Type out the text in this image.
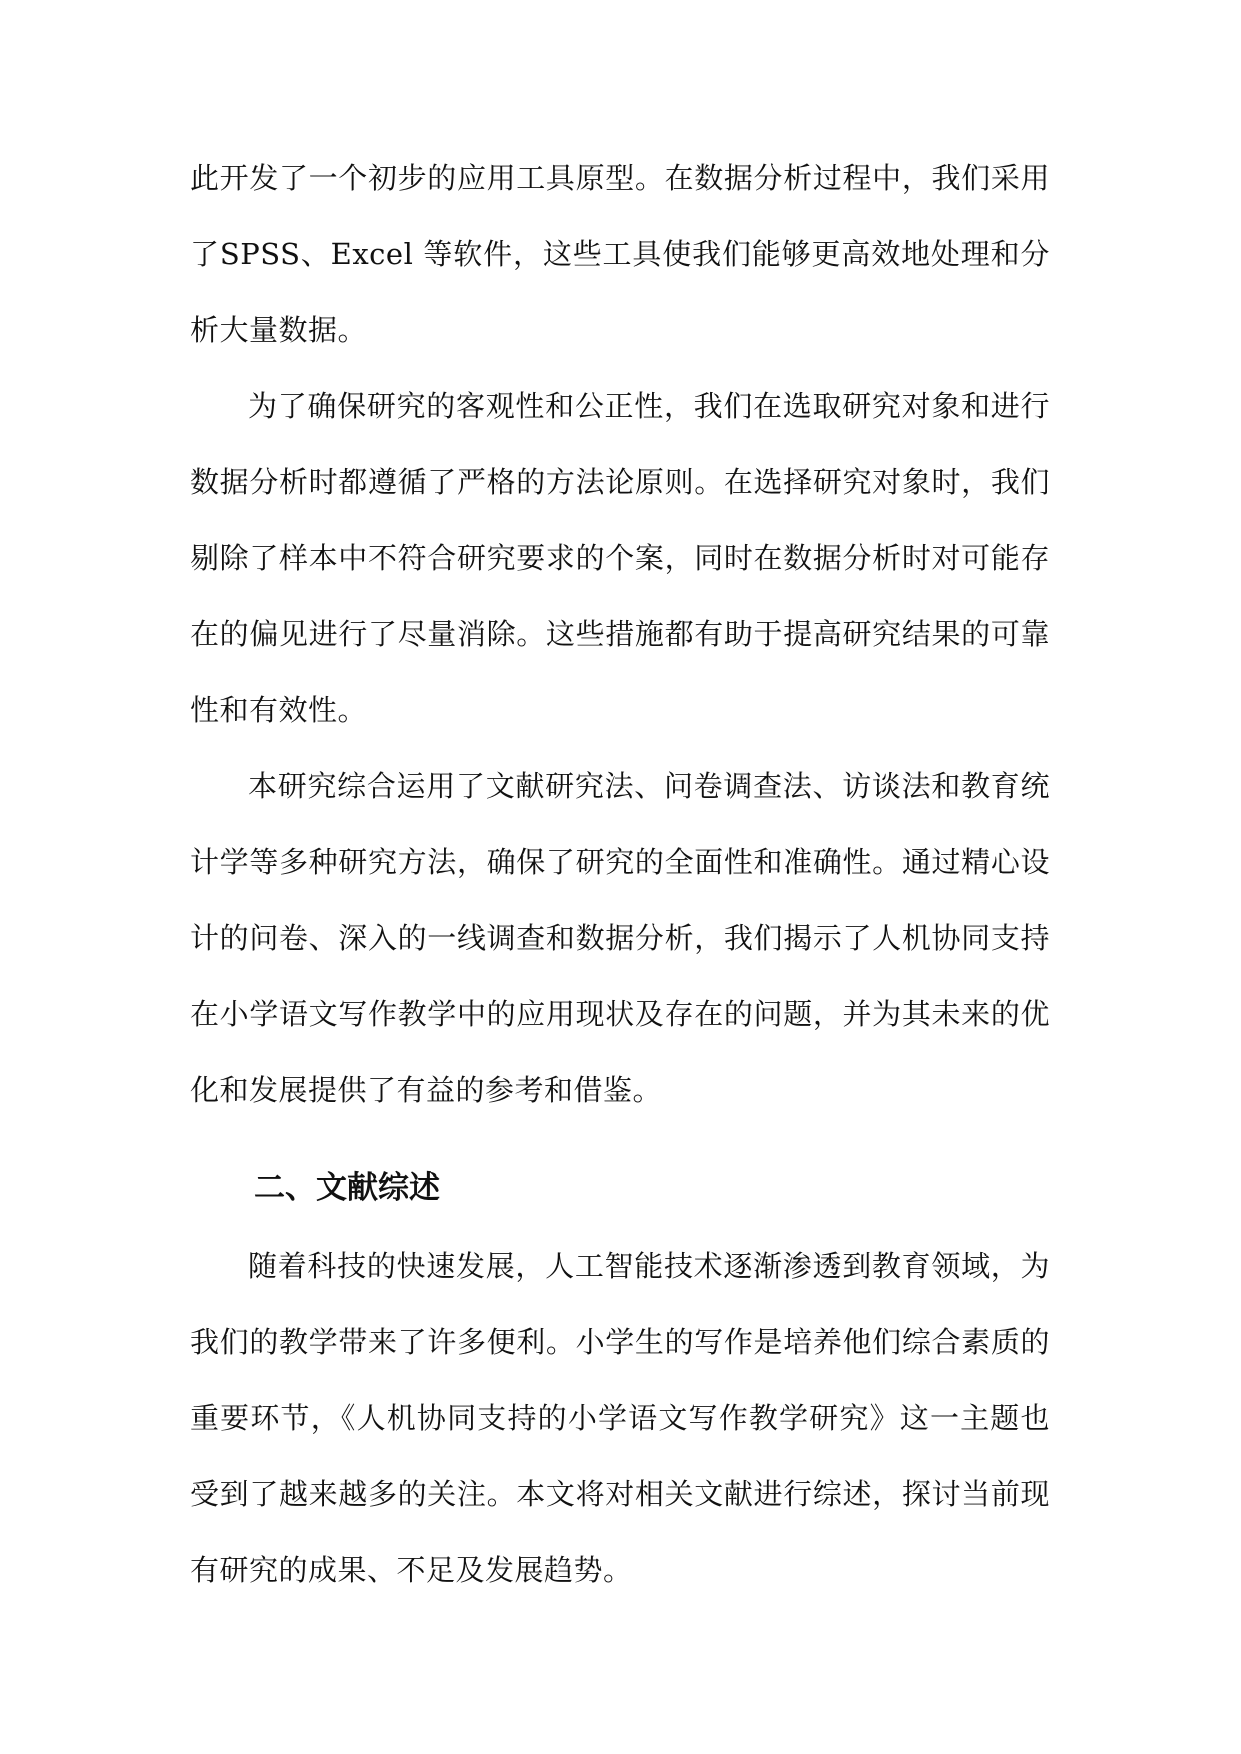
此开发了一个初步的应用工具原型。在数据分析过程中，我们采用了SPSS、Excel 等软件，这些工具使我们能够更高效地处理和分析大量数据。

为了确保研究的客观性和公正性，我们在选取研究对象和进行数据分析时都遵循了严格的方法论原则。在选择研究对象时，我们剔除了样本中不符合研究要求的个案，同时在数据分析时对可能存在的偏见进行了尽量消除。这些措施都有助于提高研究结果的可靠性和有效性。

本研究综合运用了文献研究法、问卷调查法、访谈法和教育统计学等多种研究方法，确保了研究的全面性和准确性。通过精心设计的问卷、深入的一线调查和数据分析，我们揭示了人机协同支持在小学语文写作教学中的应用现状及存在的问题，并为其未来的优化和发展提供了有益的参考和借鉴。

二、文献综述

随着科技的快速发展，人工智能技术逐渐渗透到教育领域，为我们的教学带来了许多便利。小学生的写作是培养他们综合素质的重要环节，《人机协同支持的小学语文写作教学研究》这一主题也受到了越来越多的关注。本文将对相关文献进行综述，探讨当前现有研究的成果、不足及发展趋势。
